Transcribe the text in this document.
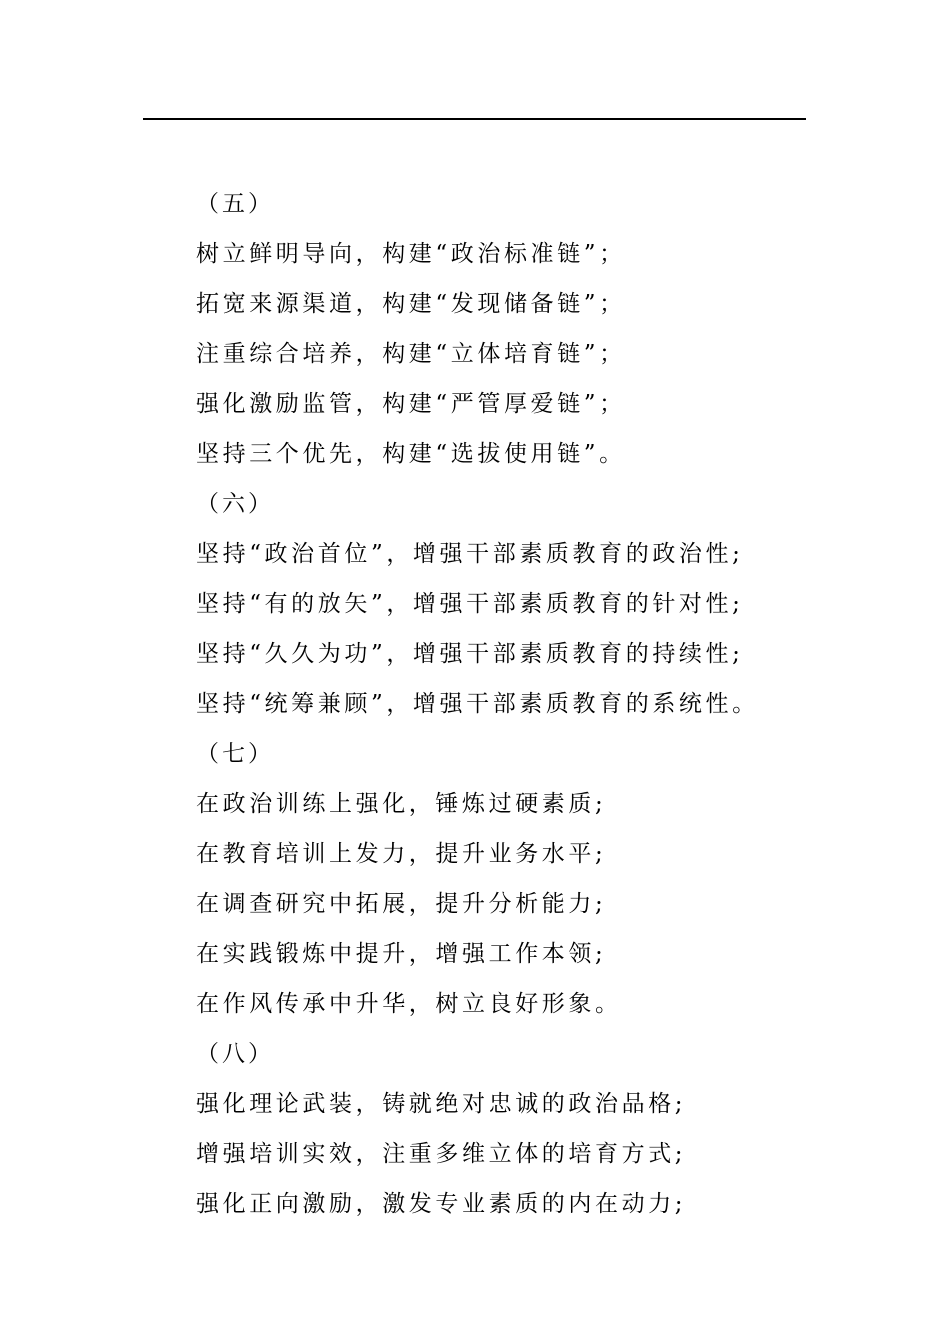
（五）
树立鲜明导向，构建“政治标准链”；
拓宽来源渠道，构建“发现储备链”；
注重综合培养，构建“立体培育链”；
强化激励监管，构建“严管厚爱链”；
坚持三个优先，构建“选拔使用链”。
（六）
坚持“政治首位”，增强干部素质教育的政治性;
坚持“有的放矢”，增强干部素质教育的针对性;
坚持“久久为功”，增强干部素质教育的持续性;
坚持“统筹兼顾”，增强干部素质教育的系统性。
（七）
在政治训练上强化，锤炼过硬素质;
在教育培训上发力，提升业务水平;
在调查研究中拓展，提升分析能力;
在实践锻炼中提升，增强工作本领;
在作风传承中升华，树立良好形象。
（八）
强化理论武装，铸就绝对忠诚的政治品格;
增强培训实效，注重多维立体的培育方式;
强化正向激励，激发专业素质的内在动力;
